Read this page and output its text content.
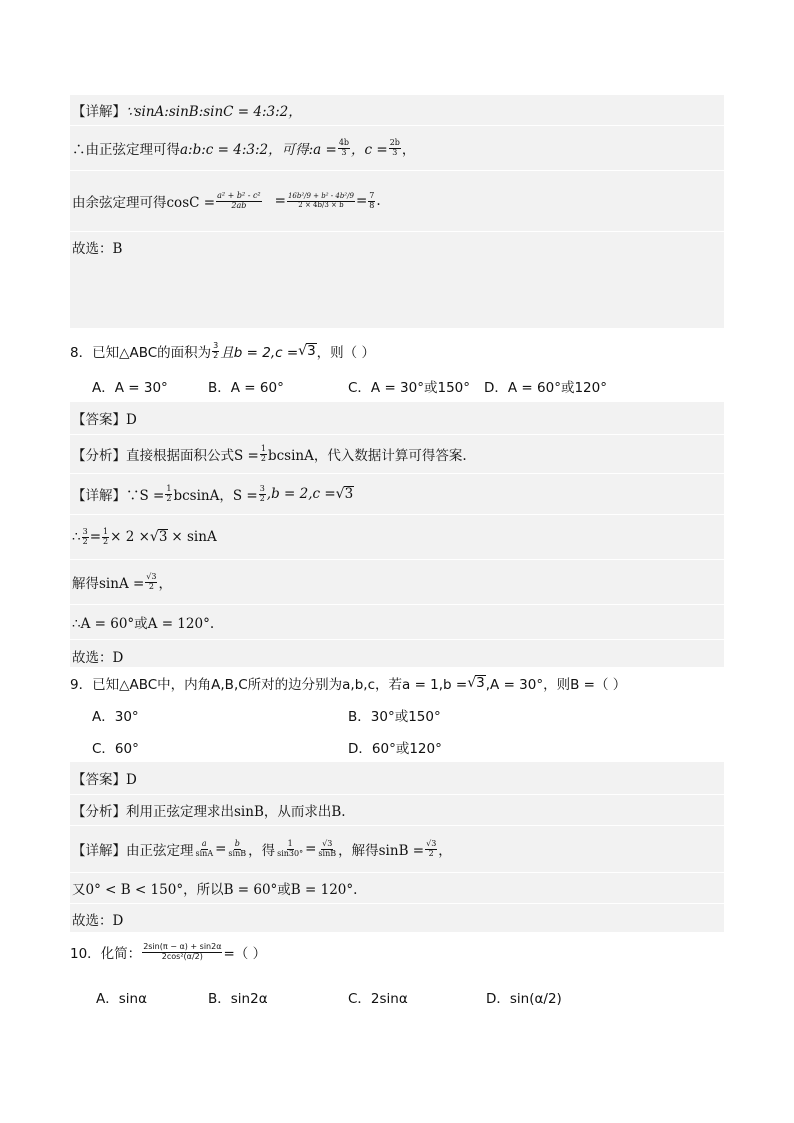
【详解】 ∵sinA:sinB:sinC = 4:3:2，
∴由正弦定理可得 a:b:c = 4:3:2，可得:a = $\frac{4b}{3}$ ，$c = \frac{2b}{3}$ ，
由余弦定理可得$\cos C = \frac{\text{a² + b² - c²}}{2ab} = \frac{\text{16b²/9 + b² - 4b²/9}}{2 \times 4b/3 \times b} = \frac{7}{8}$ .
故选：B
8．已知△ABC的面积为 $\frac{3}{2}$ 且b = 2,c = √ 3 ，则（ ）
A．A = 30°	B．A = 60°	C．A = 30°或150°	D．A = 60°或120°
【答案】D
【分析】直接根据面积公式$S = \frac{1}{2}$ bcsinA，代入数据计算可得答案.
【详解】∵S = $\frac{1}{2}$ bcsinA，$S = \frac{3}{2} ,b = 2,c$ = √ 3
∴ $\frac{3}{2} = \frac{1}{2} \times 2$ × √ 3 × sinA
解得$\sin A = \frac{√3}{2}$ ，
∴A = 60°或A = 120°.
故选：D
9．已知△ABC中，内角A,B,C所对的边分别为a,b,c，若a = 1,b = √ 3 ,A = 30°，则B =（ ）
A．30°	B．30°或150°
C．60°	D．60°或120°
【答案】D
【分析】利用正弦定理求出sinB，从而求出B.
【详解】由正弦定理 $\frac{a}{\sin A} = \frac{b}{\sin B}$ ，得 $\frac{1}{\sin 30^\circ} = \frac{√3}{\sin B}$ ，解得$\sin B = \frac{√3}{2}$ ，
又0° < B < 150°，所以B = 60°或B = 120°.
故选：D
10．化简： $\frac{2\sin(\pi - \alpha) + \sin 2\alpha}{\text{2cos²(α/2)}}$ =（ ）
A．sinα	B．sin2α	C．2sinα	D．sin(α/2)
